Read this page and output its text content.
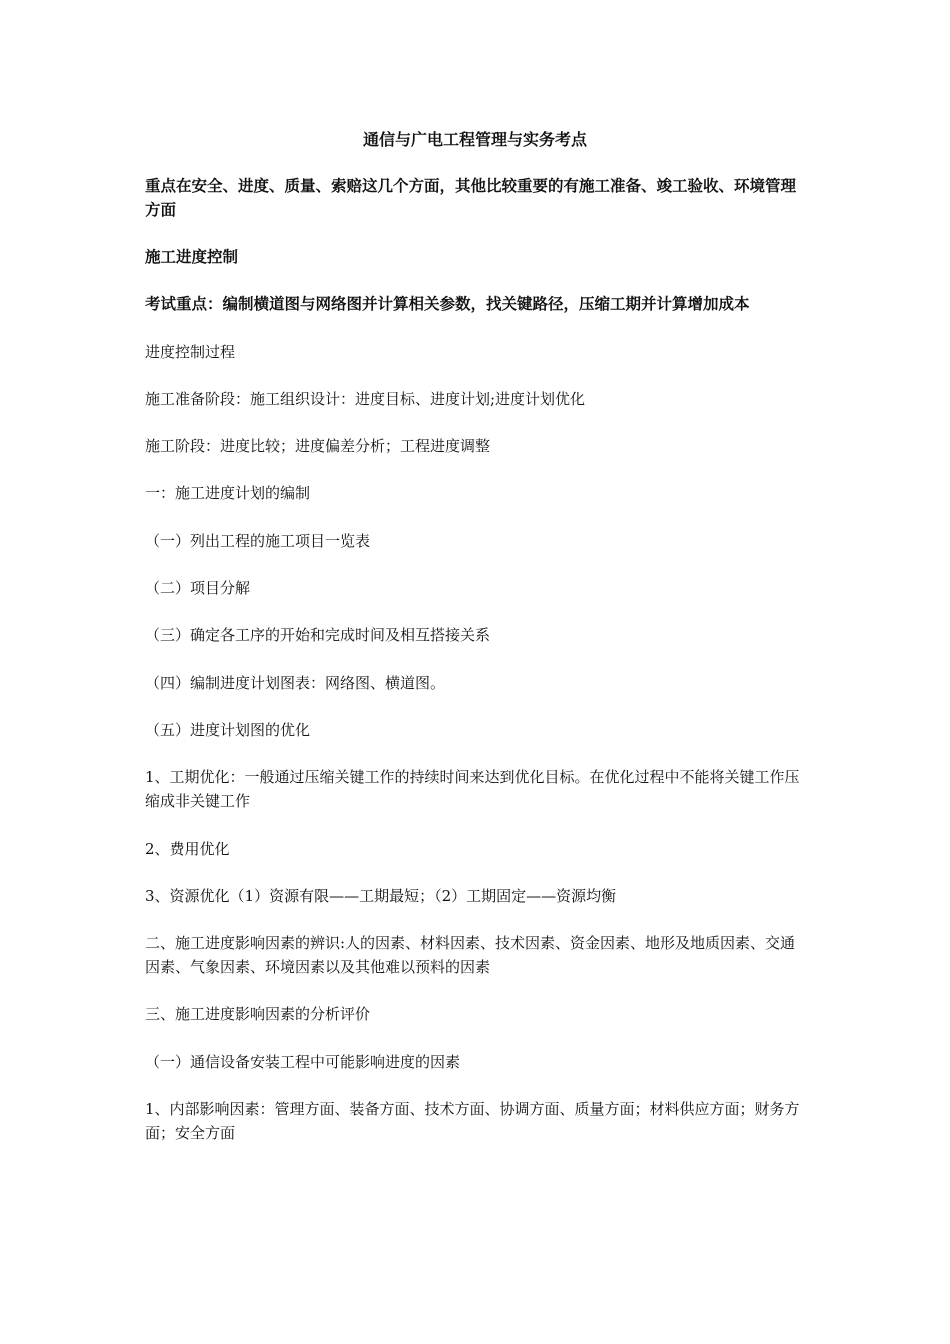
通信与广电工程管理与实务考点

重点在安全、进度、质量、索赔这几个方面，其他比较重要的有施工准备、竣工验收、环境管理方面

施工进度控制

考试重点：编制横道图与网络图并计算相关参数，找关键路径，压缩工期并计算增加成本

进度控制过程

施工准备阶段：施工组织设计：进度目标、进度计划;进度计划优化

施工阶段：进度比较；进度偏差分析；工程进度调整

一：施工进度计划的编制

（一）列出工程的施工项目一览表

（二）项目分解

（三）确定各工序的开始和完成时间及相互搭接关系

（四）编制进度计划图表：网络图、横道图。

（五）进度计划图的优化

1、工期优化：一般通过压缩关键工作的持续时间来达到优化目标。在优化过程中不能将关键工作压缩成非关键工作

2、费用优化

3、资源优化（1）资源有限——工期最短；（2）工期固定——资源均衡

二、施工进度影响因素的辨识:人的因素、材料因素、技术因素、资金因素、地形及地质因素、交通因素、气象因素、环境因素以及其他难以预料的因素

三、施工进度影响因素的分析评价

（一）通信设备安装工程中可能影响进度的因素

1、内部影响因素：管理方面、装备方面、技术方面、协调方面、质量方面；材料供应方面；财务方面；安全方面
